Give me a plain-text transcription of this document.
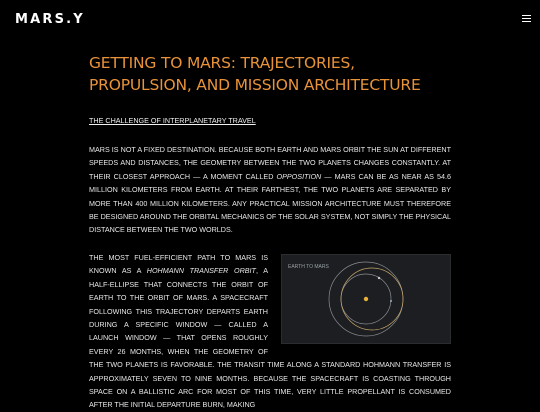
MARS.Y
GETTING TO MARS: TRAJECTORIES, PROPULSION, AND MISSION ARCHITECTURE
THE CHALLENGE OF INTERPLANETARY TRAVEL

MARS IS NOT A FIXED DESTINATION. BECAUSE BOTH EARTH AND MARS ORBIT THE SUN AT DIFFERENT SPEEDS AND DISTANCES, THE GEOMETRY BETWEEN THE TWO PLANETS CHANGES CONSTANTLY. AT THEIR CLOSEST APPROACH — A MOMENT CALLED OPPOSITION — MARS CAN BE AS NEAR AS 54.6 MILLION KILOMETERS FROM EARTH. AT THEIR FARTHEST, THE TWO PLANETS ARE SEPARATED BY MORE THAN 400 MILLION KILOMETERS. ANY PRACTICAL MISSION ARCHITECTURE MUST THEREFORE BE DESIGNED AROUND THE ORBITAL MECHANICS OF THE SOLAR SYSTEM, NOT SIMPLY THE PHYSICAL DISTANCE BETWEEN THE TWO WORLDS.

EARTH TO MARS
THE MOST FUEL-EFFICIENT PATH TO MARS IS KNOWN AS A HOHMANN TRANSFER ORBIT, A HALF-ELLIPSE THAT CONNECTS THE ORBIT OF EARTH TO THE ORBIT OF MARS. A SPACECRAFT FOLLOWING THIS TRAJECTORY DEPARTS EARTH DURING A SPECIFIC WINDOW — CALLED A LAUNCH WINDOW — THAT OPENS ROUGHLY EVERY 26 MONTHS, WHEN THE GEOMETRY OF THE TWO PLANETS IS FAVORABLE. THE TRANSIT TIME ALONG A STANDARD HOHMANN TRANSFER IS APPROXIMATELY SEVEN TO NINE MONTHS. BECAUSE THE SPACECRAFT IS COASTING THROUGH SPACE ON A BALLISTIC ARC FOR MOST OF THIS TIME, VERY LITTLE PROPELLANT IS CONSUMED AFTER THE INITIAL DEPARTURE BURN, MAKING
